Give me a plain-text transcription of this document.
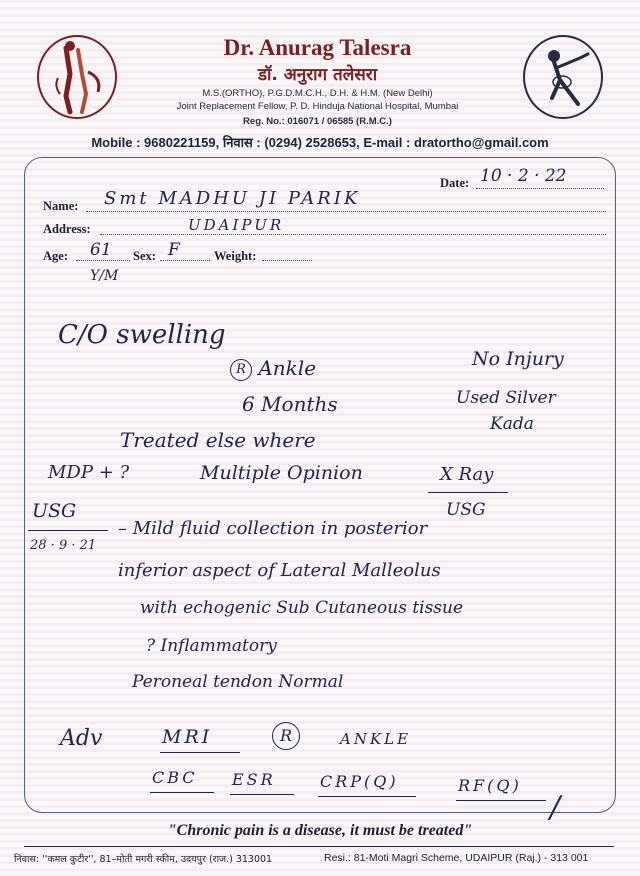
Dr. Anurag Talesra
डॉ. अनुराग तलेसरा
M.S.(ORTHO), P.G.D.M.C.H., D.H. & H.M. (New Delhi)
Joint Replacement Fellow, P. D. Hinduja National Hospital, Mumbai
Reg. No.: 016071 / 06585 (R.M.C.)
Mobile : 9680221159, निवास : (0294) 2528653, E-mail : dratortho@gmail.com
Date: 10 · 2 · 22
Name: Smt MADHU JI PARIK
Address:	UDAIPUR
Age: 61
Y/M
Sex: F	Weight:
C/O swelling
R Ankle
6 Months
Treated else where
MDP + ?	Multiple Opinion
No Injury
Used Silver
Kada
X Ray
USG
USG
28 · 9 · 21
– Mild fluid collection in posterior
inferior aspect of Lateral Malleolus
with echogenic Sub Cutaneous tissue
? Inflammatory
Peroneal tendon Normal
Adv	MRI	R	ANKLE
CBC ESR	CRP(Q)	RF(Q)
/
"Chronic pain is a disease, it must be treated"
निवास: ''कमल कुटीर'', 81–मोती मगरी स्कीम, उदयपुर (राज.) 313001	Resi.: 81-Moti Magri Scheme, UDAIPUR (Raj.) - 313 001
